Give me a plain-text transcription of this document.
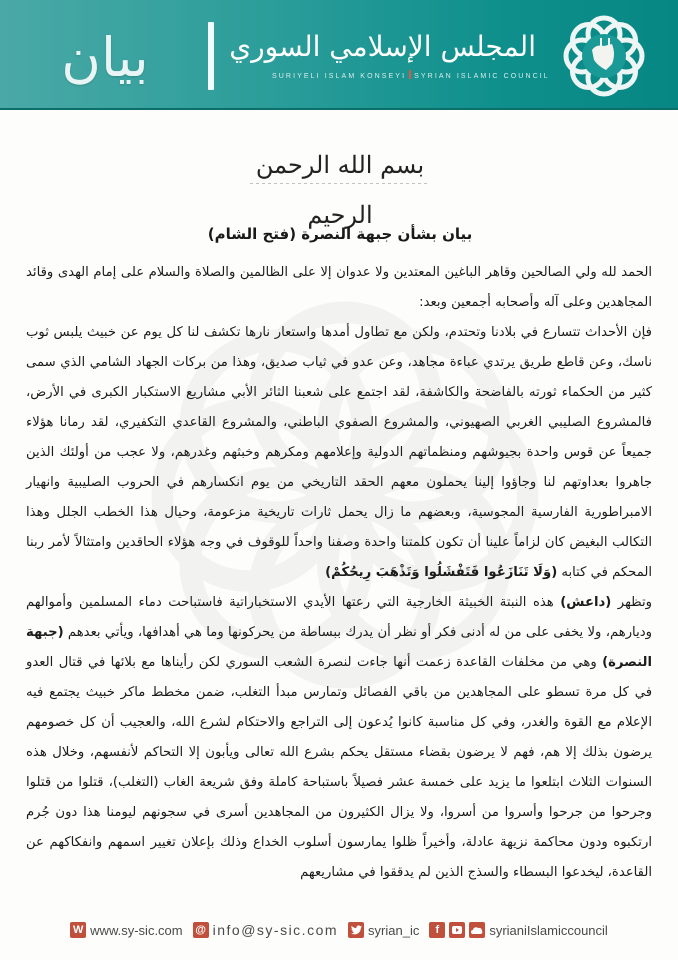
بيان	المجلس الإسلامي السوري
SURIYELI ISLAM KONSEYI SYRIAN ISLAMIC COUNCIL
بسم الله الرحمن الرحيم
بيان بشأن جبهة النصرة (فتح الشام)

الحمد لله ولي الصالحين وقاهر الباغين المعتدين ولا عدوان إلا على الظالمين والصلاة والسلام على إمام الهدى وقائد المجاهدين وعلى آله وأصحابه أجمعين وبعد:

فإن الأحداث تتسارع في بلادنا وتحتدم، ولكن مع تطاول أمدها واستعار نارها تكشف لنا كل يوم عن خبيث يلبس ثوب ناسك، وعن قاطع طريق يرتدي عباءة مجاهد، وعن عدو في ثياب صديق، وهذا من بركات الجهاد الشامي الذي سمى كثير من الحكماء ثورته بالفاضحة والكاشفة، لقد اجتمع على شعبنا الثائر الأبي مشاريع الاستكبار الكبرى في الأرض، فالمشروع الصليبي الغربي الصهيوني، والمشروع الصفوي الباطني، والمشروع القاعدي التكفيري، لقد رمانا هؤلاء جميعاً عن قوس واحدة بجيوشهم ومنظماتهم الدولية وإعلامهم ومكرهم وخبثهم وغدرهم، ولا عجب من أولئك الذين جاهروا بعداوتهم لنا وجاؤوا إلينا يحملون معهم الحقد التاريخي من يوم انكسارهم في الحروب الصليبية وانهيار الامبراطورية الفارسية المجوسية، وبعضهم ما زال يحمل ثارات تاريخية مزعومة، وحيال هذا الخطب الجلل وهذا التكالب البغيض كان لزاماً علينا أن تكون كلمتنا واحدة وصفنا واحداً للوقوف في وجه هؤلاء الحاقدين وامتثالاً لأمر ربنا المحكم في كتابه (وَلَا تَنَازَعُوا فَتَفْشَلُوا وَتَذْهَبَ رِيحُكُمْ)

وتظهر (داعش) هذه النبتة الخبيثة الخارجية التي رعتها الأيدي الاستخباراتية فاستباحت دماء المسلمين وأموالهم وديارهم، ولا يخفى على من له أدنى فكر أو نظر أن يدرك ببساطة من يحركونها وما هي أهدافها، ويأتي بعدهم (جبهة النصرة) وهي من مخلفات القاعدة زعمت أنها جاءت لنصرة الشعب السوري لكن رأيناها مع بلائها في قتال العدو في كل مرة تسطو على المجاهدين من باقي الفصائل وتمارس مبدأ التغلب، ضمن مخطط ماكر خبيث يجتمع فيه الإعلام مع القوة والغدر، وفي كل مناسبة كانوا يُدعون إلى التراجع والاحتكام لشرع الله، والعجيب أن كل خصومهم يرضون بذلك إلا هم، فهم لا يرضون بقضاء مستقل يحكم بشرع الله تعالى ويأبون إلا التحاكم لأنفسهم، وخلال هذه السنوات الثلاث ابتلعوا ما يزيد على خمسة عشر فصيلاً باستباحة كاملة وفق شريعة الغاب (التغلب)، قتلوا من قتلوا وجرحوا من جرحوا وأسروا من أسروا، ولا يزال الكثيرون من المجاهدين أسرى في سجونهم ليومنا هذا دون جُرم ارتكبوه ودون محاكمة نزيهة عادلة، وأخيراً ظلوا يمارسون أسلوب الخداع وذلك بإعلان تغيير اسمهم وانفكاكهم عن القاعدة، ليخدعوا البسطاء والسذج الذين لم يدققوا في مشاريعهم

W www.sy-sic.com @ info@sy-sic.com syrian_ic	f	syrianiIslamiccouncil
